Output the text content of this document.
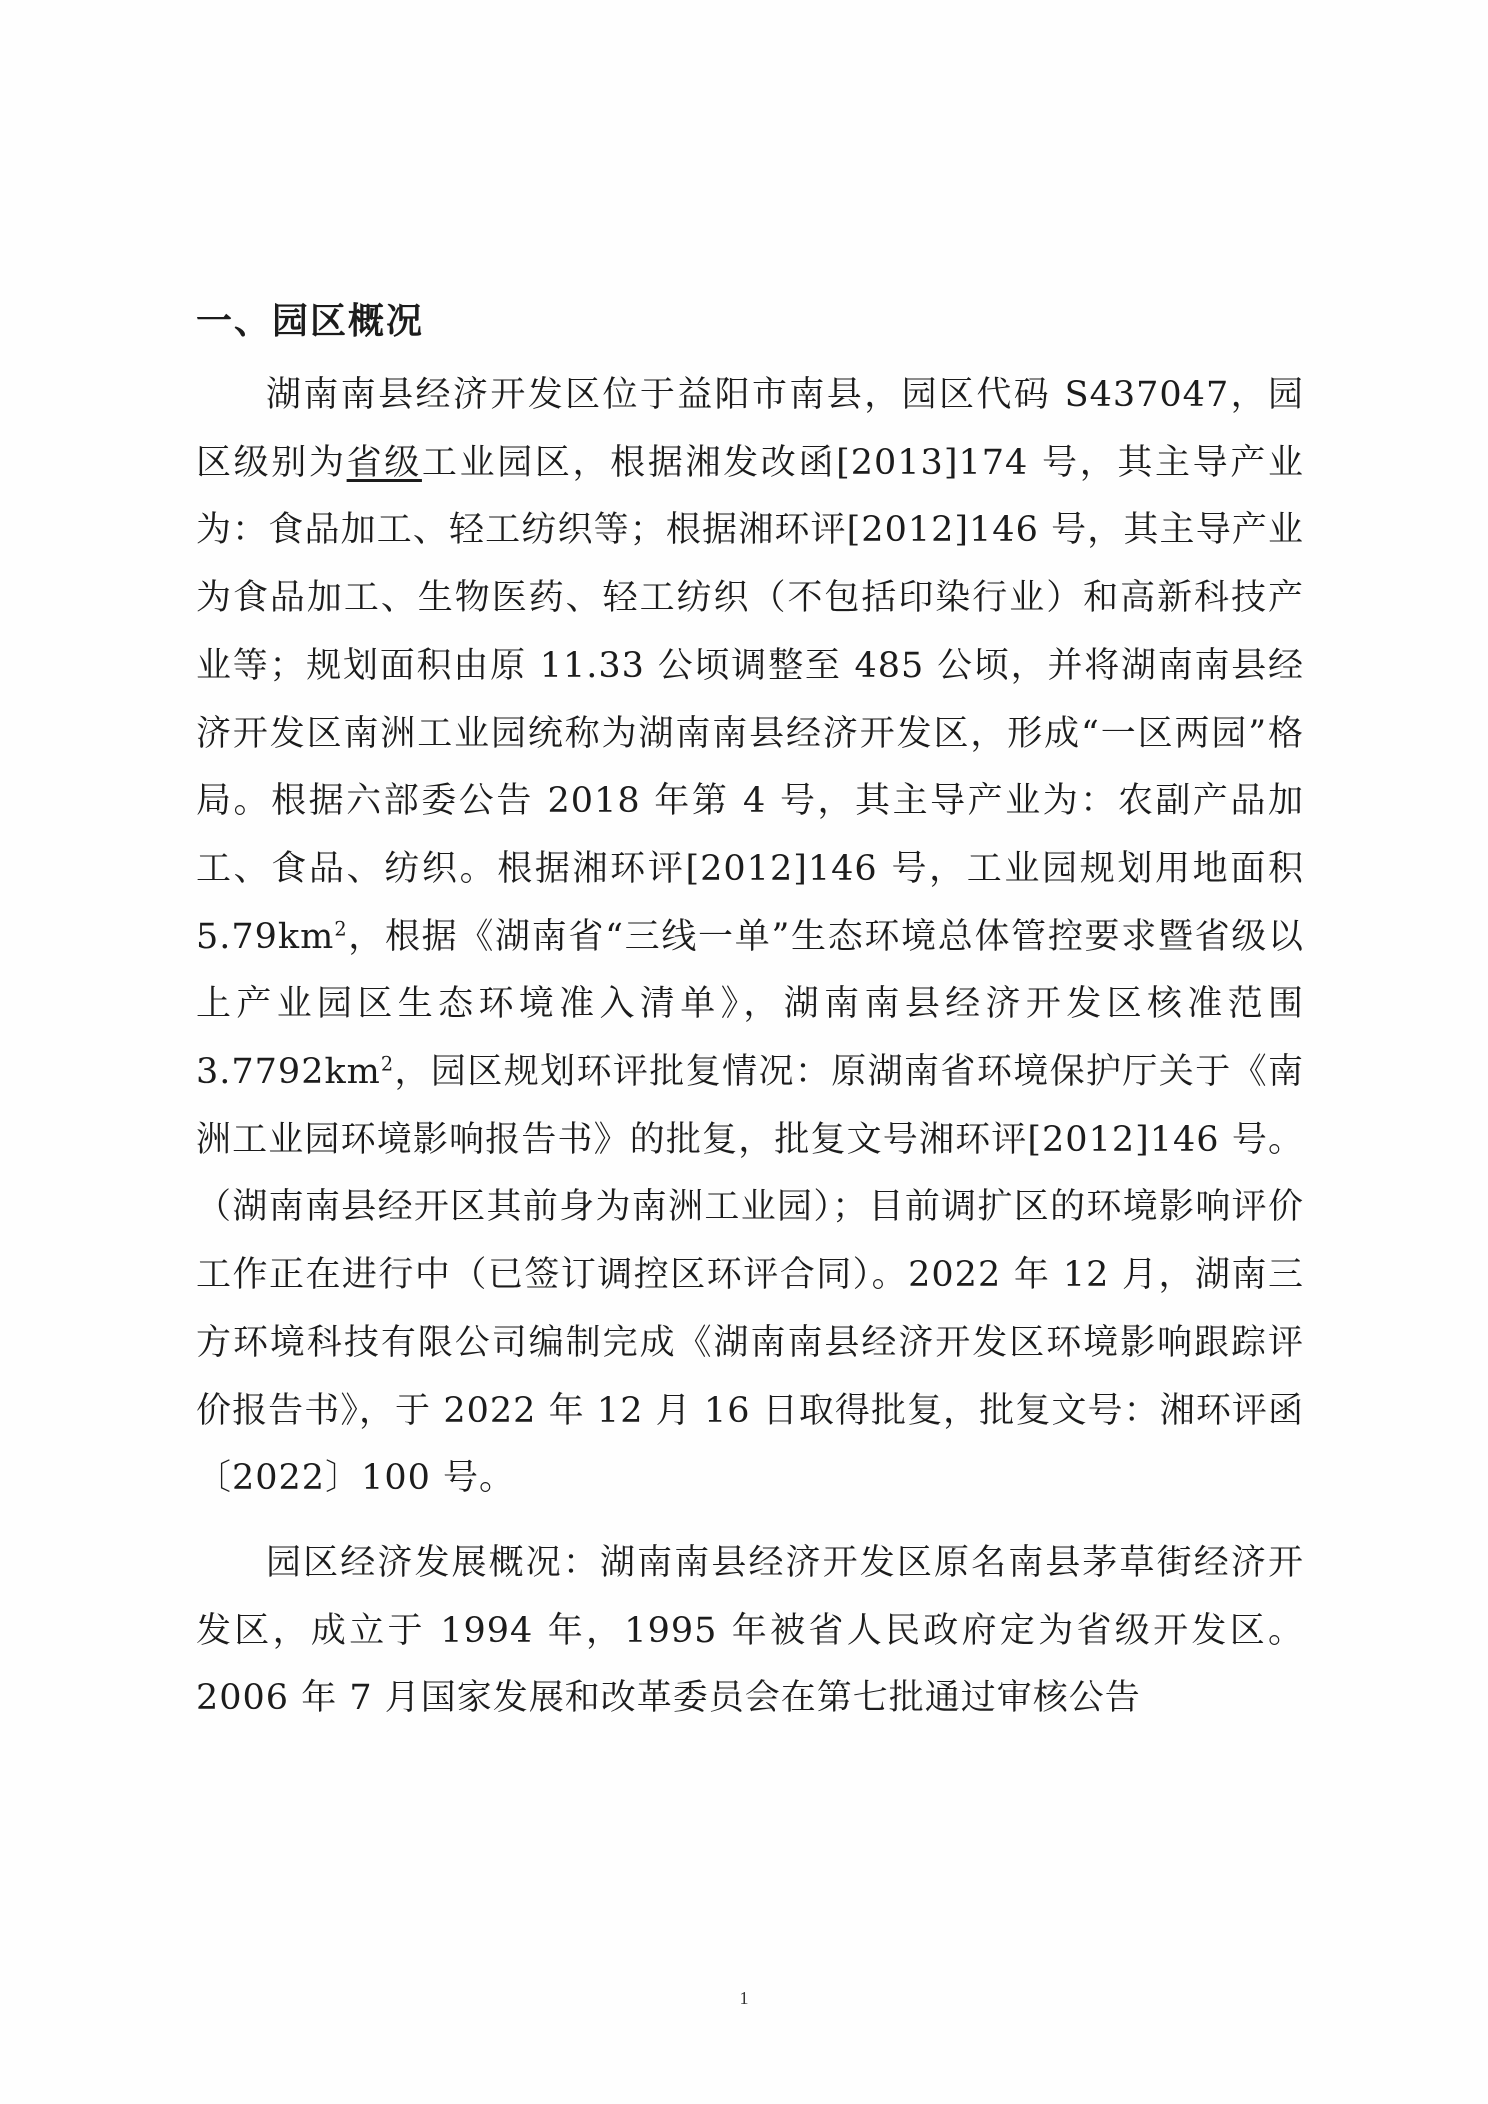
一、园区概况

湖南南县经济开发区位于益阳市南县，园区代码 S437047，园区级别为省级工业园区，根据湘发改函[2013]174 号，其主导产业为：食品加工、轻工纺织等；根据湘环评[2012]146 号，其主导产业为食品加工、生物医药、轻工纺织（不包括印染行业）和高新科技产业等；规划面积由原 11.33 公顷调整至 485 公顷，并将湖南南县经济开发区南洲工业园统称为湖南南县经济开发区，形成“一区两园”格局。根据六部委公告 2018 年第 4 号，其主导产业为：农副产品加工、食品、纺织。根据湘环评[2012]146 号，工业园规划用地面积 $5.79km^2$，根据《湖南省“三线一单”生态环境总体管控要求暨省级以上产业园区生态环境准入清单》，湖南南县经济开发区核准范围 $3.7792km^2$，园区规划环评批复情况：原湖南省环境保护厅关于《南洲工业园环境影响报告书》的批复，批复文号湘环评[2012]146 号。（湖南南县经开区其前身为南洲工业园）；目前调扩区的环境影响评价工作正在进行中（已签订调控区环评合同）。2022 年 12 月，湖南三方环境科技有限公司编制完成《湖南南县经济开发区环境影响跟踪评价报告书》，于 2022 年 12 月 16 日取得批复，批复文号：湘环评函〔2022〕100 号。

园区经济发展概况：湖南南县经济开发区原名南县茅草街经济开发区，成立于 1994 年，1995 年被省人民政府定为省级开发区。2006 年 7 月国家发展和改革委员会在第七批通过审核公告

1
